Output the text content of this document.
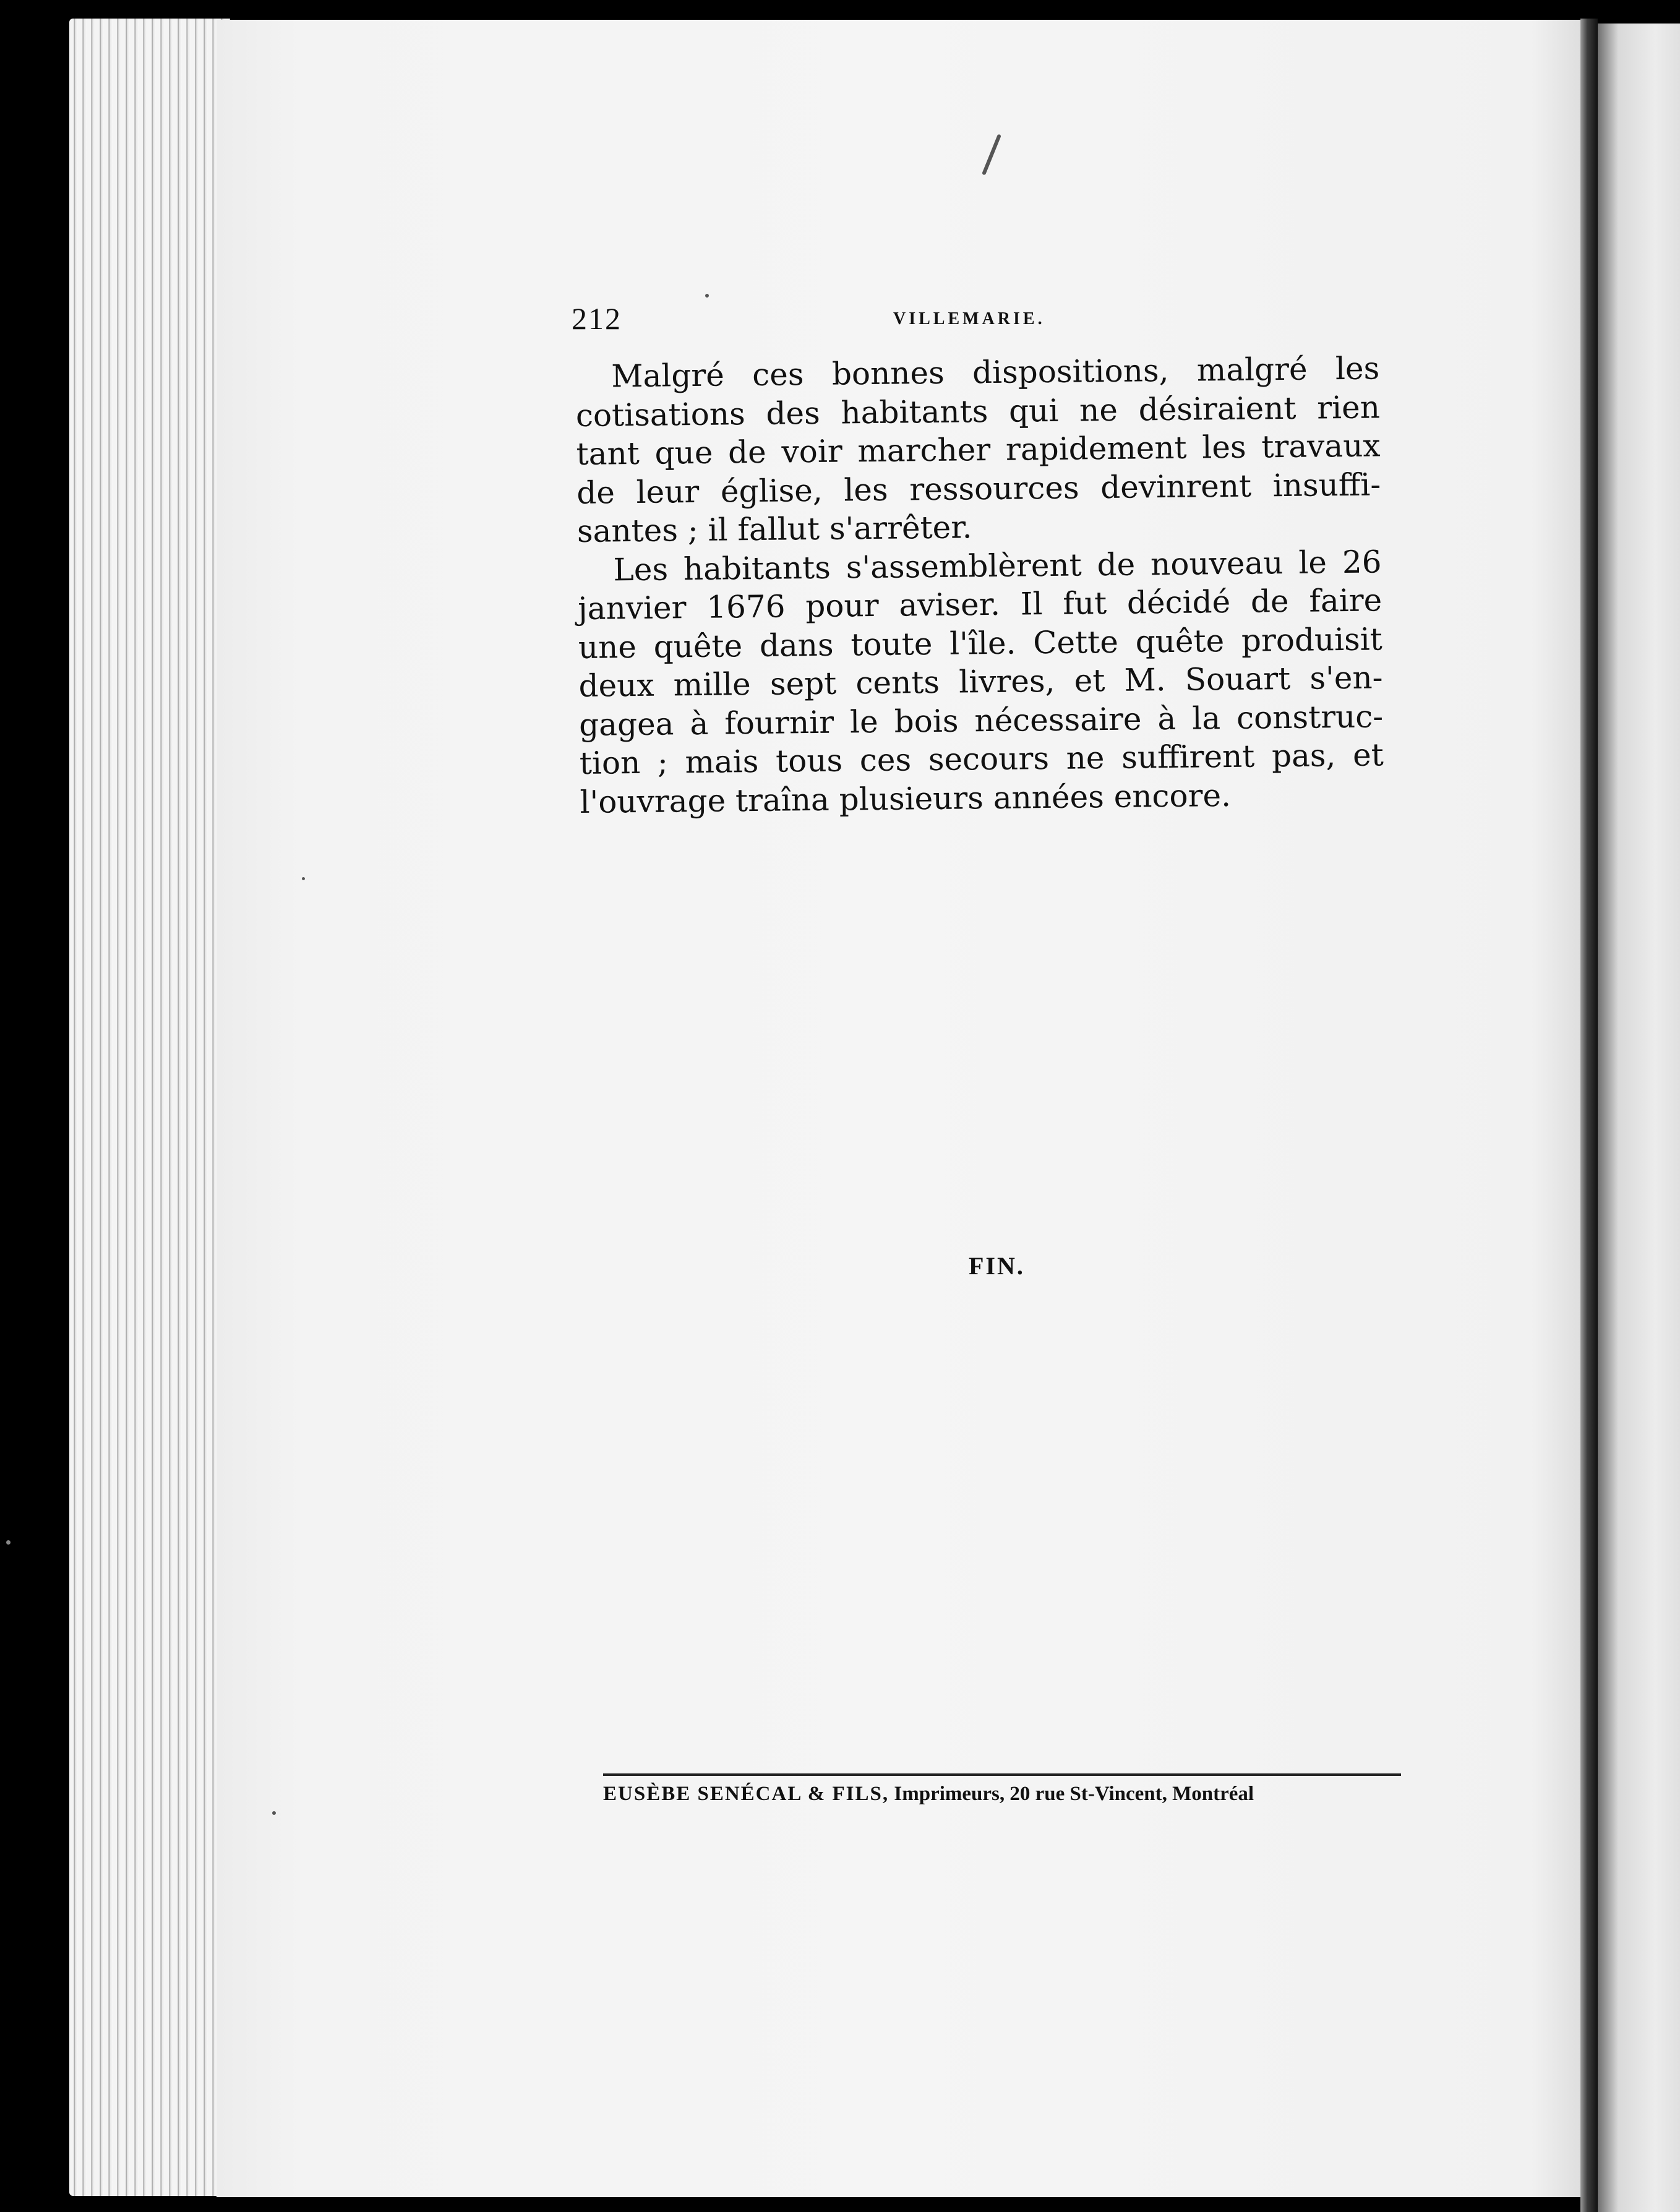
212	VILLEMARIE.
Malgré ces bonnes dispositions, malgré les
cotisations des habitants qui ne désiraient rien
tant que de voir marcher rapidement les travaux
de leur église, les ressources devinrent insuffi-
santes ; il fallut s'arrêter.
Les habitants s'assemblèrent de nouveau le 26
janvier 1676 pour aviser. Il fut décidé de faire
une quête dans toute l'île. Cette quête produisit
deux mille sept cents livres, et M. Souart s'en-
gagea à fournir le bois nécessaire à la construc-
tion ; mais tous ces secours ne suffirent pas, et
l'ouvrage traîna plusieurs années encore.
FIN.
EUSÈBE SENÉCAL & FILS, Imprimeurs, 20 rue St-Vincent, Montréal
